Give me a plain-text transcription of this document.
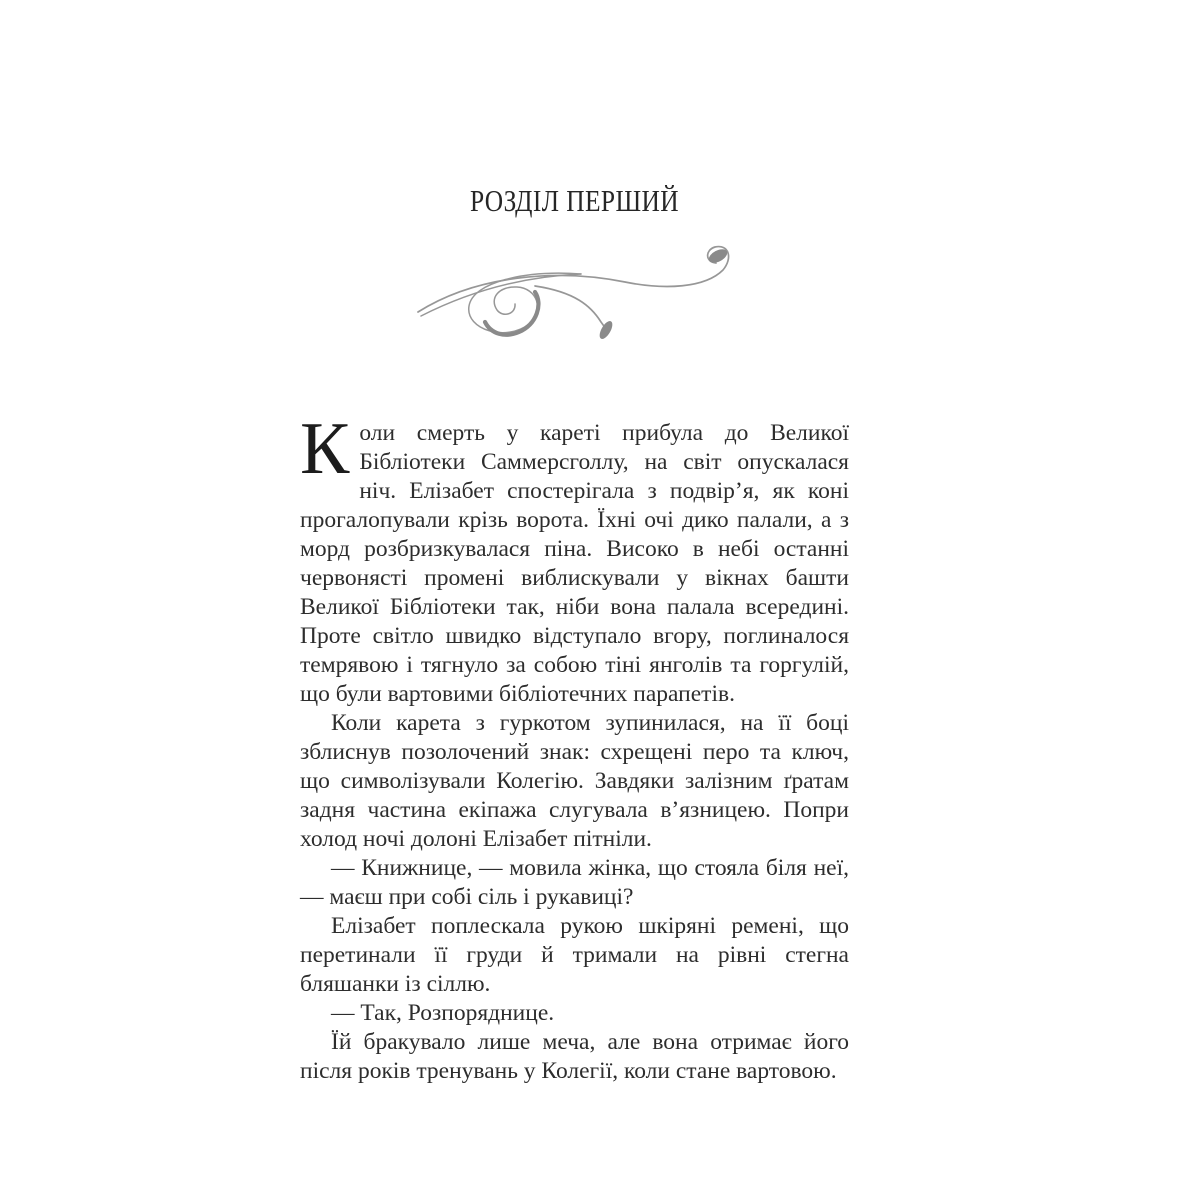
РОЗДІЛ ПЕРШИЙ

Коли смерть у кареті прибула до Великої Бібліотеки Саммерсголлу, на світ опускалася ніч. Елізабет спостерігала з подвір’я, як коні прогалопували крізь ворота. Їхні очі дико палали, а з морд розбризкувалася піна. Високо в небі останні червонясті промені виблискували у вікнах башти Великої Бібліотеки так, ніби вона палала всередині. Проте світло швидко відступало вгору, поглиналося темрявою і тягнуло за собою тіні янголів та горгулій, що були вартовими бібліотечних парапетів.

Коли карета з гуркотом зупинилася, на її боці зблиснув позолочений знак: схрещені перо та ключ, що символізували Колегію. Завдяки залізним ґратам задня частина екіпажа слугувала в’язницею. Попри холод ночі долоні Елізабет пітніли.

— Книжнице, — мовила жінка, що стояла біля неї, — маєш при собі сіль і рукавиці?

Елізабет поплескала рукою шкіряні ремені, що перетинали її груди й тримали на рівні стегна бляшанки із сіллю.

— Так, Розпоряднице.

Їй бракувало лише меча, але вона отримає його після років тренувань у Колегії, коли стане вартовою.
